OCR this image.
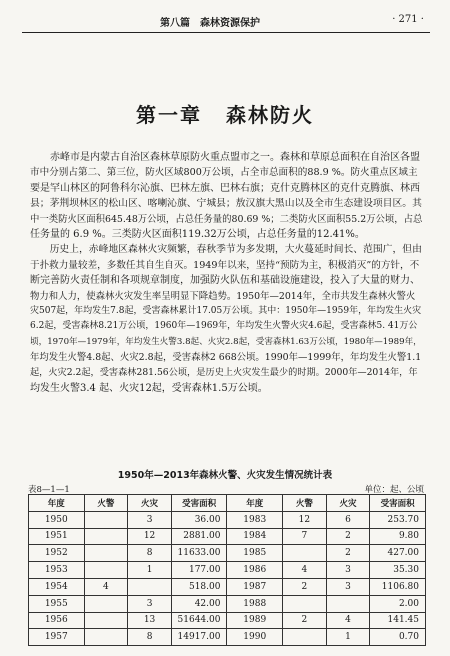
第八篇　森林资源保护	· 271 ·
第一章 森林防火
　　赤峰市是内蒙古自治区森林草原防火重点盟市之一。森林和草原总面积在自治区各盟
市中分别占第二、第三位，防火区域800万公顷，占全市总面积的88.9 %。防火重点区域主
要是罕山林区的阿鲁科尔沁旗、巴林左旗、巴林右旗；克什克腾林区的克什克腾旗、林西
县；茅荆坝林区的松山区、喀喇沁旗、宁城县；敖汉旗大黑山以及全市生态建设项目区。其
中一类防火区面积645.48万公顷，占总任务量的80.69 %；二类防火区面积55.2万公顷，占总
任务量的 6.9 %。三类防火区面积119.32万公顷，占总任务量的12.41%。
　　历史上，赤峰地区森林火灾频繁，春秋季节为多发期，大火蔓延时间长、范围广，但由
于扑救力量较差，多数任其自生自灭。1949年以来，坚持“预防为主，积极消灭”的方针，不
断完善防火责任制和各项规章制度，加强防火队伍和基础设施建设，投入了大量的财力、
物力和人力，使森林火灾发生率呈明显下降趋势。1950年—2014年，全市共发生森林火警火
灾507起，年均发生7.8起，受害森林累计17.05万公顷。其中：1950年—1959年，年均发生火灾
6.2起，受害森林8.21万公顷，1960年—1969年，年均发生火警火灾4.6起，受害森林5. 41万公
顷，1970年—1979年，年均发生火警3.8起、火灾2.8起，受害森林1.63万公顷，1980年—1989年，
年均发生火警4.8起、火灾2.8起，受害森林2 668公顷。1990年—1999年，年均发生火警1.1
起，火灾2.2起，受害森林281.56公顷，是历史上火灾发生最少的时期。2000年—2014年，年
均发生火警3.4 起、火灾12起，受害森林1.5万公顷。
1950年—2013年森林火警、火灾发生情况统计表
表8—1—1	单位：起、公顷
年度	火警	火灾	受害面积	年度	火警	火灾	受害面积
1950		3	36.00	1983	12	6	253.70
1951		12	2881.00	1984	7	2	9.80
1952		8	11633.00	1985		2	427.00
1953		1	177.00	1986	4	3	35.30
1954	4		518.00	1987	2	3	1106.80
1955		3	42.00	1988			2.00
1956		13	51644.00	1989	2	4	141.45
1957		8	14917.00	1990		1	0.70
